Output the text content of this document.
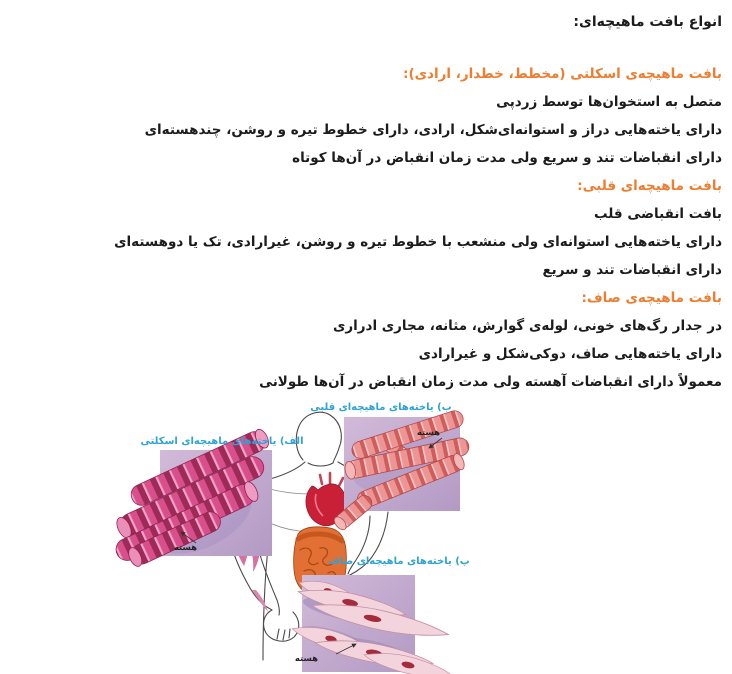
انواع بافت ماهیچه‌ای:
بافت ماهیچه‌ی اسکلتی (مخطط، خطدار، ارادی):
متصل به استخوان‌ها توسط زردپی
دارای یاخته‌هایی دراز و استوانه‌ای‌شکل، ارادی، دارای خطوط تیره و روشن، چندهسته‌ای
دارای انقباضات تند و سریع ولی مدت زمان انقباض در آن‌ها کوتاه
بافت ماهیچه‌ای قلبی:
بافت انقباضی قلب
دارای یاخته‌هایی استوانه‌ای ولی منشعب با خطوط تیره و روشن، غیرارادی، تک یا دوهسته‌ای
دارای انقباضات تند و سریع
بافت ماهیچه‌ی صاف:
در جدار رگ‌های خونی، لوله‌ی گوارش، مثانه، مجاری ادراری
دارای یاخته‌هایی صاف، دوکی‌شکل و غیرارادی
معمولاً دارای انقباضات آهسته ولی مدت زمان انقباض در آن‌ها طولانی
هسته
الف) یاخته‌های ماهیچه‌ای اسکلتی
هسته
ب) یاخته‌های ماهیچه‌ای قلبی
هسته
پ) یاخته‌های ماهیچه‌ای صاف
